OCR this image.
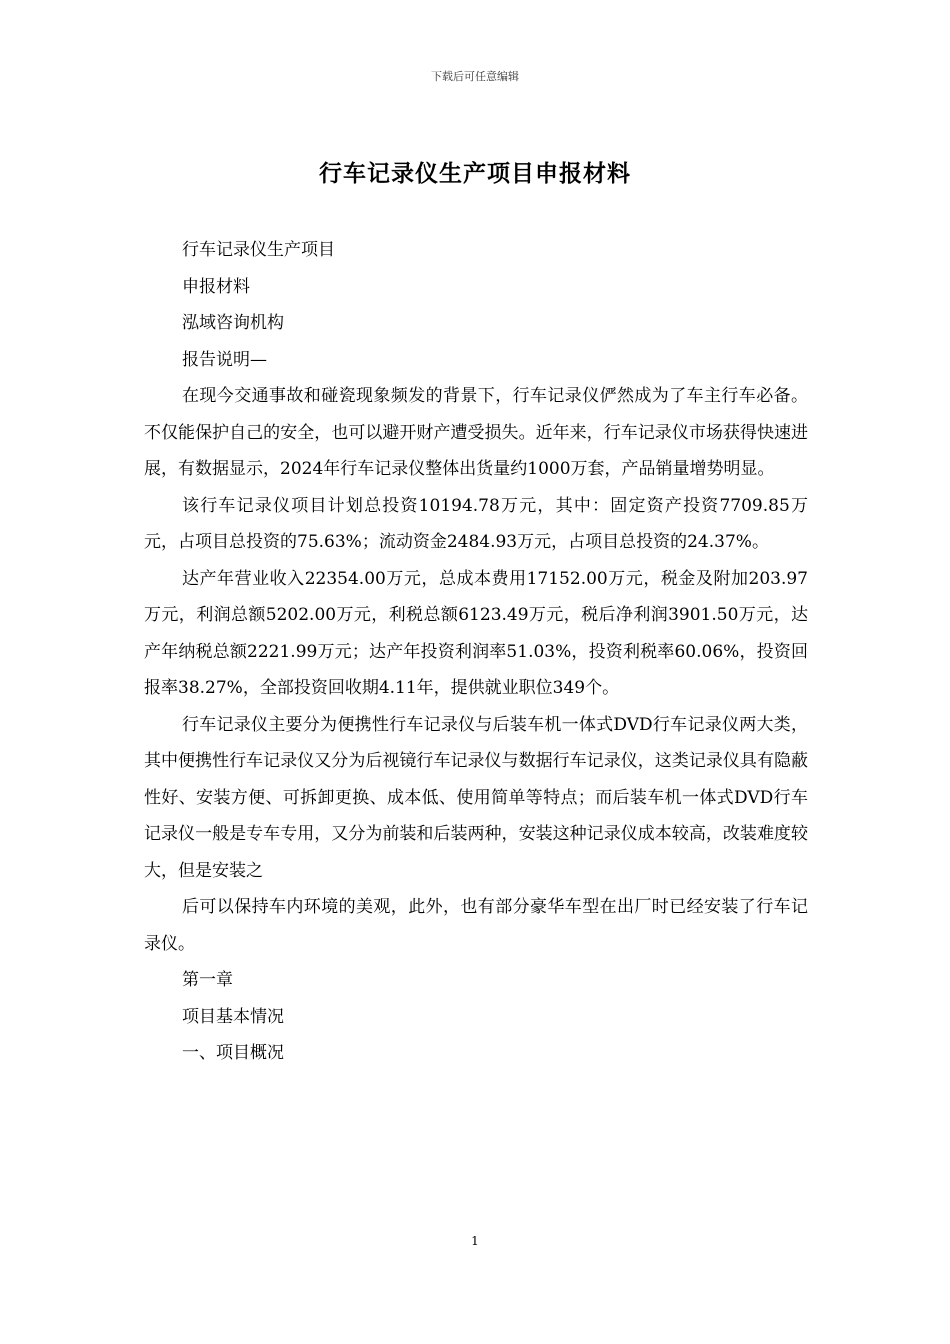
下载后可任意编辑
行车记录仪生产项目申报材料

行车记录仪生产项目

申报材料

泓域咨询机构

报告说明—

在现今交通事故和碰瓷现象频发的背景下，行车记录仪俨然成为了车主行车必备。不仅能保护自己的安全，也可以避开财产遭受损失。近年来，行车记录仪市场获得快速进展，有数据显示，2024年行车记录仪整体出货量约1000万套，产品销量增势明显。

该行车记录仪项目计划总投资10194.78万元，其中：固定资产投资7709.85万元，占项目总投资的75.63%；流动资金2484.93万元，占项目总投资的24.37%。

达产年营业收入22354.00万元，总成本费用17152.00万元，税金及附加203.97万元，利润总额5202.00万元，利税总额6123.49万元，税后净利润3901.50万元，达产年纳税总额2221.99万元；达产年投资利润率51.03%，投资利税率60.06%，投资回报率38.27%，全部投资回收期4.11年，提供就业职位349个。

行车记录仪主要分为便携性行车记录仪与后装车机一体式DVD行车记录仪两大类，其中便携性行车记录仪又分为后视镜行车记录仪与数据行车记录仪，这类记录仪具有隐蔽性好、安装方便、可拆卸更换、成本低、使用简单等特点；而后装车机一体式DVD行车记录仪一般是专车专用，又分为前装和后装两种，安装这种记录仪成本较高，改装难度较大，但是安装之

后可以保持车内环境的美观，此外，也有部分豪华车型在出厂时已经安装了行车记录仪。

第一章

项目基本情况

一、项目概况

1
